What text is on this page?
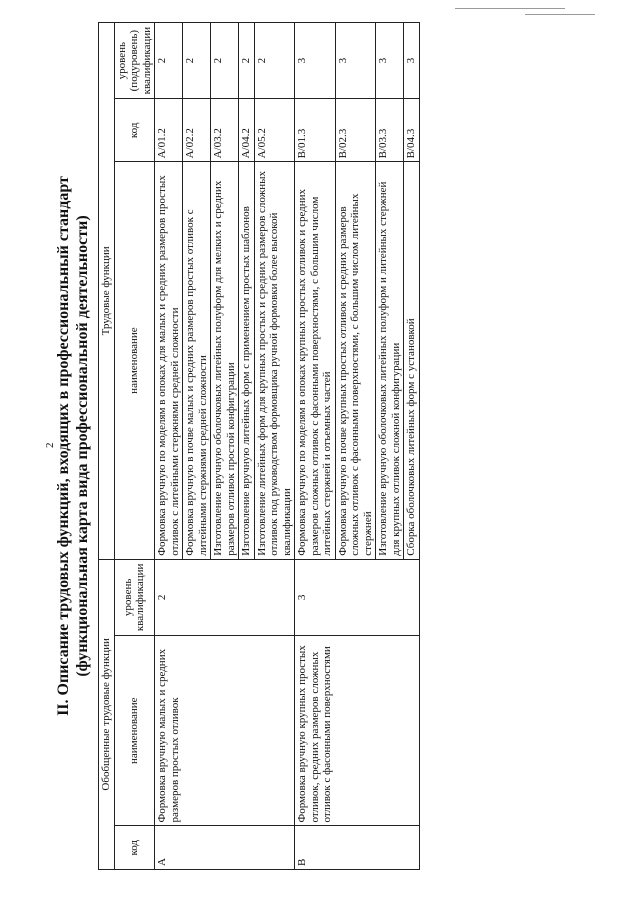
2 II. Описание трудовых функций, входящих в профессиональный стандарт (функциональная карта вида профессиональной деятельности)
Обобщенные трудовые функции			Трудовые функции		
код	наименование	уровень квалификации	наименование	код	уровень (подуровень) квалификации
A	Формовка вручную малых и средних размеров простых отливок	2	Формовка вручную по моделям в опоках для малых и средних размеров простых отливок с литейными стержнями средней сложности	A/01.2	2
			Формовка вручную в почве малых и средних размеров простых отливок с литейными стержнями средней сложности	A/02.2	2
			Изготовление вручную оболочковых литейных полуформ для мелких и средних размеров отливок простой конфигурации	A/03.2	2
			Изготовление вручную литейных форм с применением простых шаблонов	A/04.2	2
			Изготовление литейных форм для крупных простых и средних размеров сложных отливок под руководством формовщика ручной формовки более высокой квалификации	A/05.2	2
B	Формовка вручную крупных простых отливок, средних размеров сложных отливок с фасонными поверхностями	3	Формовка вручную по моделям в опоках крупных простых отливок и средних размеров сложных отливок с фасонными поверхностями, с большим числом литейных стержней и отъемных частей	B/01.3	3
			Формовка вручную в почве крупных простых отливок и средних размеров сложных отливок с фасонными поверхностями, с большим числом литейных стержней	B/02.3	3
			Изготовление вручную оболочковых литейных полуформ и литейных стержней для крупных отливок сложной конфигурации	B/03.3	3
			Сборка оболочковых литейных форм с установкой	B/04.3	3
